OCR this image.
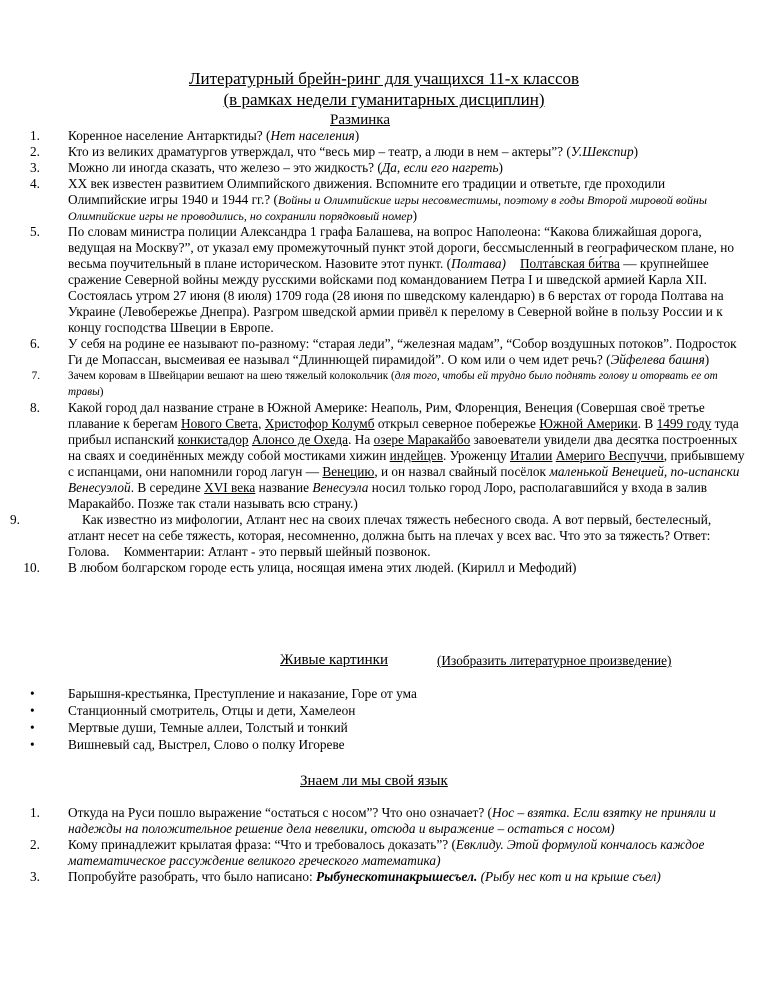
Литературный брейн-ринг для учащихся 11-х классов
(в рамках недели гуманитарных дисциплин)
Разминка
1. Коренное население Антарктиды? (Нет населения)
2. Кто из великих драматургов утверждал, что “весь мир – театр, а люди в нем – актеры”? (У.Шекспир)
3. Можно ли иногда сказать, что железо – это жидкость? (Да, если его нагреть)
4. XX век известен развитием Олимпийского движения. Вспомните его традиции и ответьте, где проходили Олимпийские игры 1940 и 1944 гг.? (Войны и Олимпийские игры несовместимы, поэтому в годы Второй мировой войны Олимпийские игры не проводились, но сохранили порядковый номер)
5. По словам министра полиции Александра 1 графа Балашева, на вопрос Наполеона: “Какова ближайшая дорога, ведущая на Москву?”, от указал ему промежуточный пункт этой дороги, бессмысленный в географическом плане, но весьма поучительный в плане историческом. Назовите этот пункт. (Полтава) Полта́вская би́тва — крупнейшее сражение Северной войны между русскими войсками под командованием Петра I и шведской армией Карла XII. Состоялась утром 27 июня (8 июля) 1709 года (28 июня по шведскому календарю) в 6 верстах от города Полтава на Украине (Левобережье Днепра). Разгром шведской армии привёл к перелому в Северной войне в пользу России и к концу господства Швеции в Европе.
6. У себя на родине ее называют по-разному: “старая леди”, “железная мадам”, “Собор воздушных потоков”. Подросток Ги де Мопассан, высмеивая ее называл “Длиннющей пирамидой”. О ком или о чем идет речь? (Эйфелева башня)
7.	Зачем коровам в Швейцарии вешают на шею тяжелый колокольчик (для того, чтобы ей трудно было поднять голову и оторвать ее от травы)
8. Какой город дал название стране в Южной Америке: Неаполь, Рим, Флоренция, Венеция (Совершая своё третье плавание к берегам Нового Света, Христофор Колумб открыл северное побережье Южной Америки. В 1499 году туда прибыл испанский конкистадор Алонсо де Охеда. На озере Маракайбо завоеватели увидели два десятка построенных на сваях и соединённых между собой мостиками хижин индейцев. Уроженцу Италии Америго Веспуччи, прибывшему с испанцами, они напомнили город лагун — Венецию, и он назвал свайный посёлок маленькой Венецией, по-испански Венесуэлой. В середине XVI века название Венесуэла носил только город Лоро, располагавшийся у входа в залив Маракайбо. Позже так стали называть всю страну.)
9.	Как известно из мифологии, Атлант нес на своих плечах тяжесть небесного свода. А вот первый, бестелесный, атлант несет на себе тяжесть, которая, несомненно, должна быть на плечах у всех вас. Что это за тяжесть? Ответ: Голова. Комментарии: Атлант - это первый шейный позвонок.
10. В любом болгарском городе есть улица, носящая имена этих людей. (Кирилл и Мефодий)
Живые картинки	(Изобразить литературное произведение)
•	Барышня-крестьянка, Преступление и наказание, Горе от ума
•	Станционный смотритель, Отцы и дети, Хамелеон
•	Мертвые души, Темные аллеи, Толстый и тонкий
•	Вишневый сад, Выстрел, Слово о полку Игореве
Знаем ли мы свой язык
1. Откуда на Руси пошло выражение “остаться с носом”? Что оно означает? (Нос – взятка. Если взятку не приняли и надежды на положительное решение дела невелики, отсюда и выражение – остаться с носом)
2. Кому принадлежит крылатая фраза: “Что и требовалось доказать”? (Евклиду. Этой формулой кончалось каждое математическое рассуждение великого греческого математика)
3. Попробуйте разобрать, что было написано: Рыбунескотинакрышесъел. (Рыбу нес кот и на крыше съел)
